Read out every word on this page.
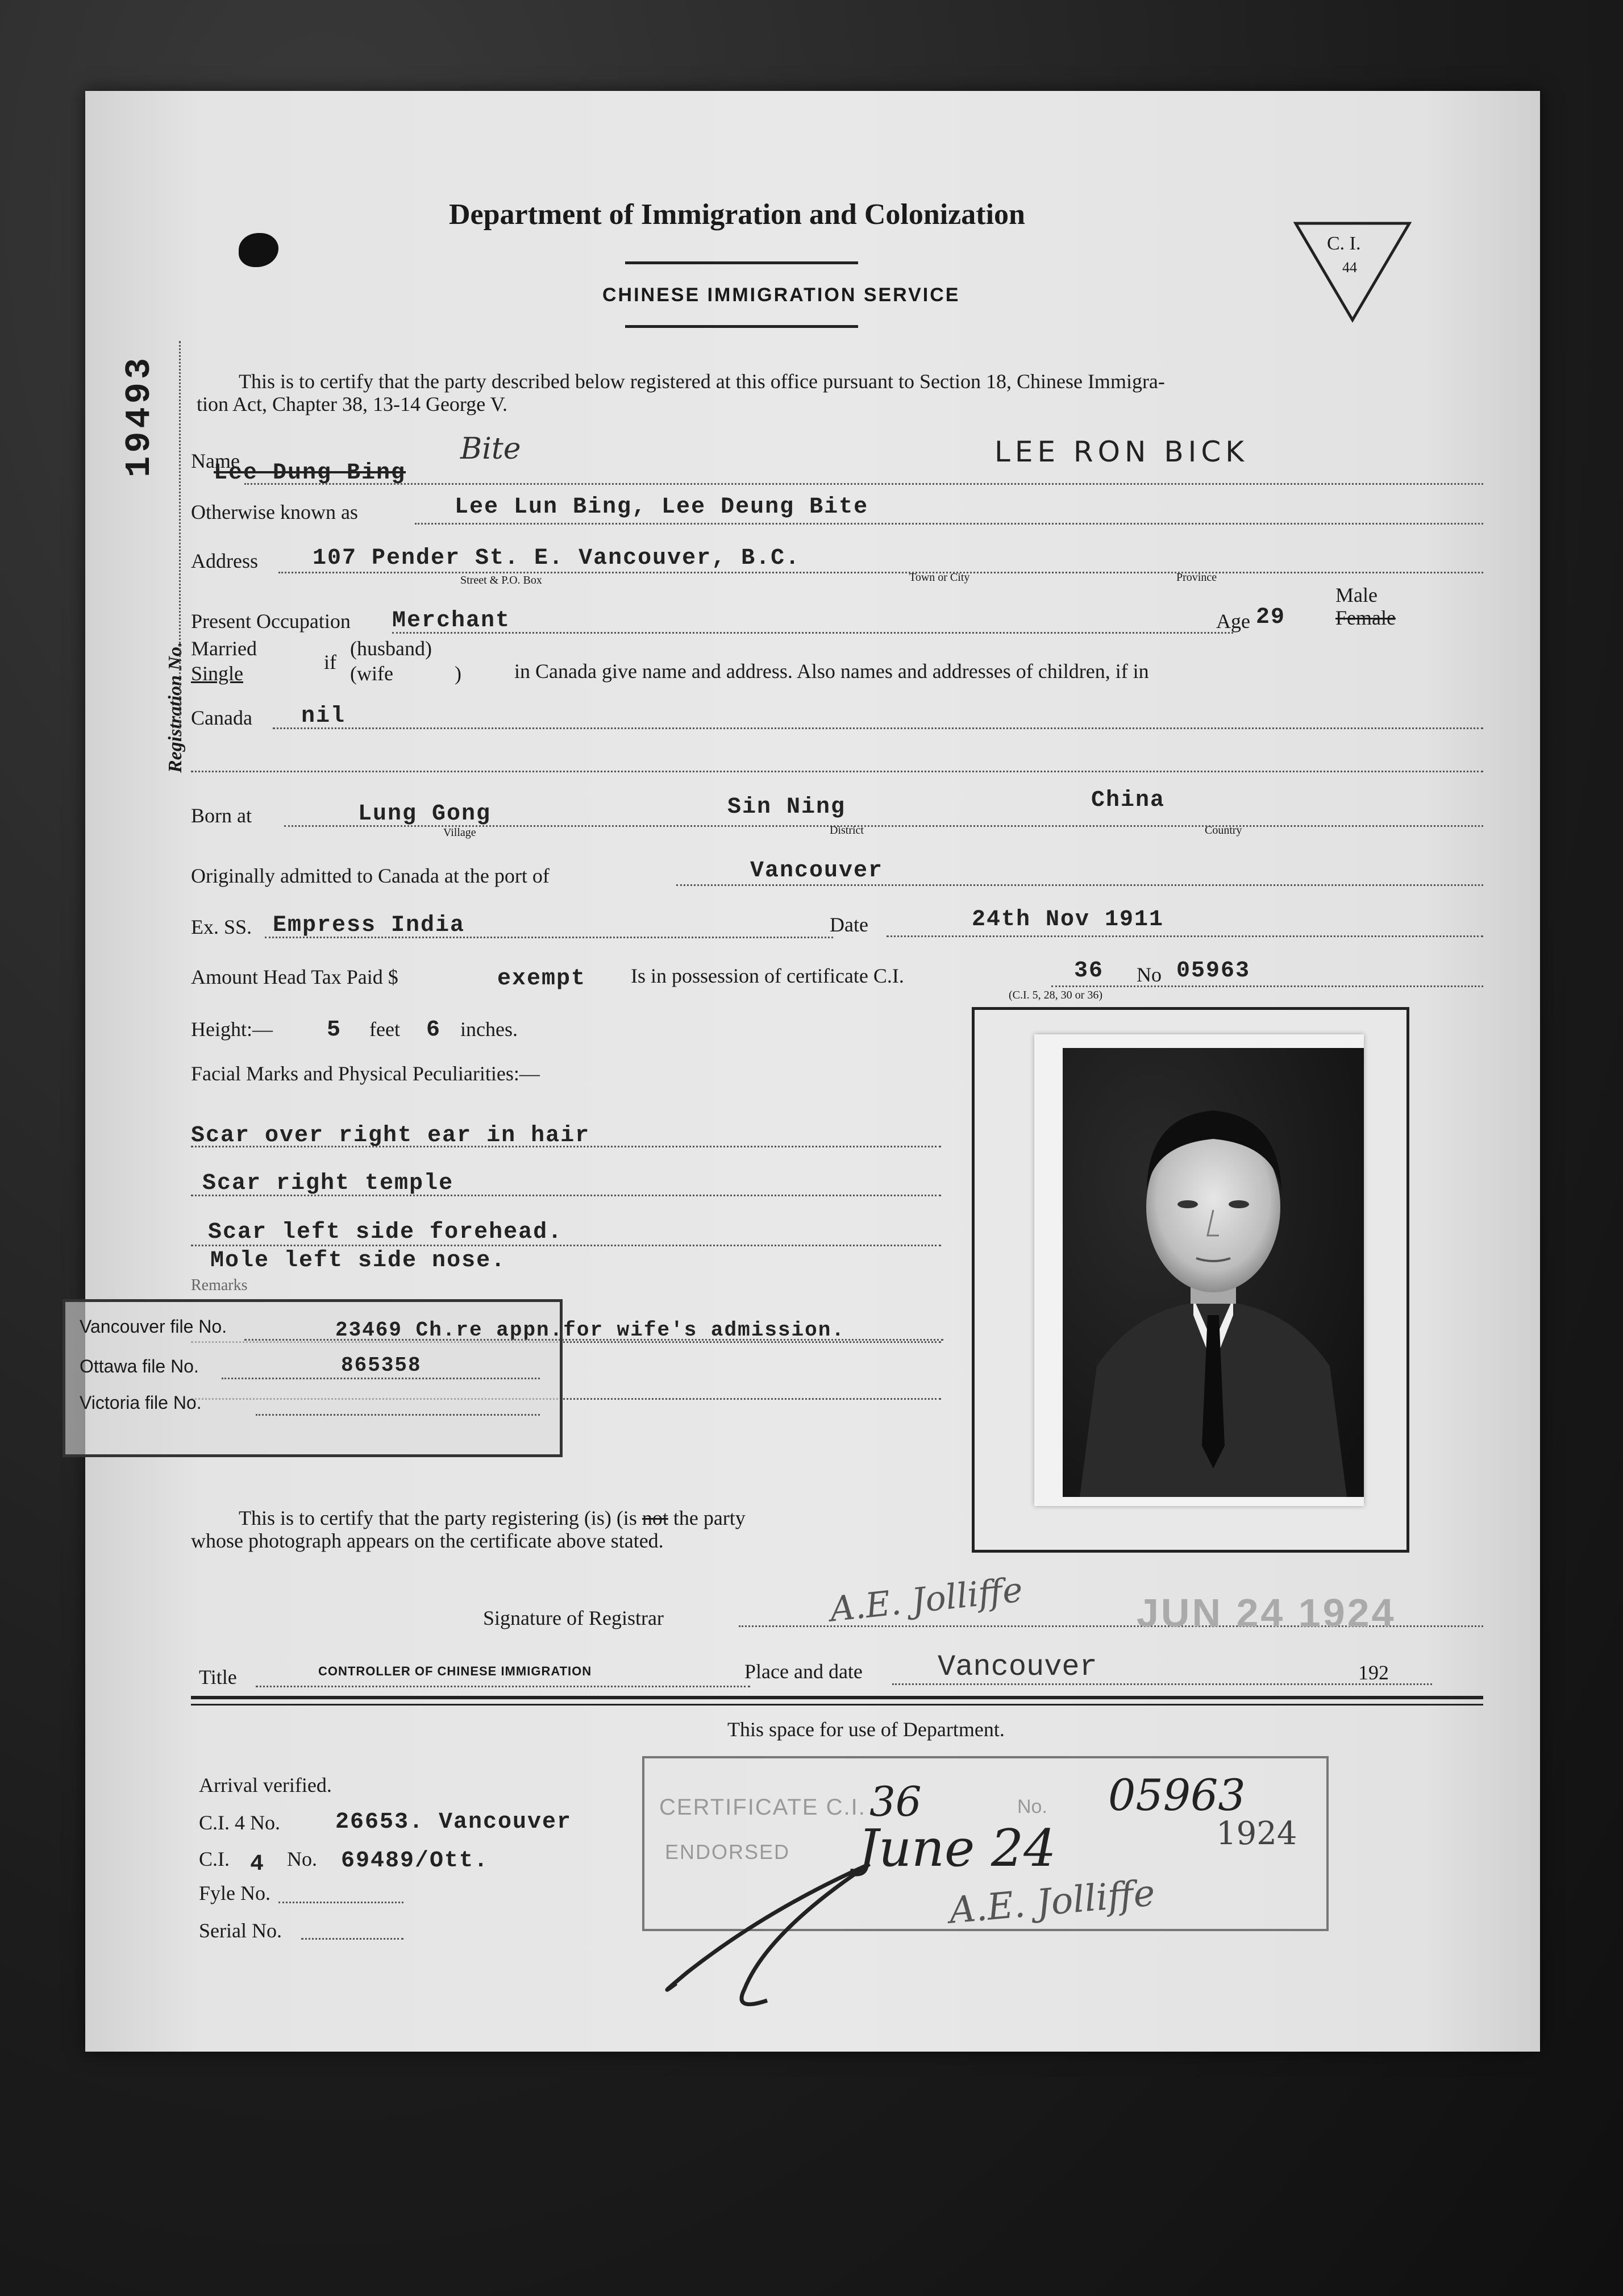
Department of Immigration and Colonization
CHINESE IMMIGRATION SERVICE
C. I.
44
19493
Registration No.
This is to certify that the party described below registered at this office pursuant to Section 18, Chinese Immigra-
tion Act, Chapter 38, 13-14 George V.
Name
Lee Dung Bing
Bite	LEE RON BICK
Otherwise known as	Lee Lun Bing, Lee Deung Bite
Address 107 Pender St. E. Vancouver, B.C.
Street & P.O. Box	Town or City	Province
Present Occupation Merchant	Age 29
Male
Female
Married
Single	if
(husband)
(wife	)	in Canada give name and address. Also names and addresses of children, if in
Canada nil
Born at	Lung Gong	Sin Ning	China
Village	District	Country
Originally admitted to Canada at the port of	Vancouver
Ex. SS. Empress India	Date	24th Nov 1911
Amount Head Tax Paid $	exempt Is in possession of certificate C.I.	36 No 05963
(C.I. 5, 28, 30 or 36)
Height:— 5 feet 6 inches.
Facial Marks and Physical Peculiarities:—
Scar over right ear in hair
Scar right temple
Scar left side forehead.
Mole left side nose.
Remarks
Vancouver file No.	23469 Ch.re appn.for wife's admission.
Ottawa file No.	865358
Victoria file No.
This is to certify that the party registering (is) (is not the party
whose photograph appears on the certificate above stated.
Signature of Registrar	A.E. Jolliffe	JUN 24 1924
Title	CONTROLLER OF CHINESE IMMIGRATION	Place and date	Vancouver	192
This space for use of Department.
Arrival verified.
C.I. 4 No. 26653. Vancouver
C.I. 4 No. 69489/Ott.
Fyle No.
Serial No.
CERTIFICATE C.I. 36	No. 05963
ENDORSED June 24	1924
A.E. Jolliffe
